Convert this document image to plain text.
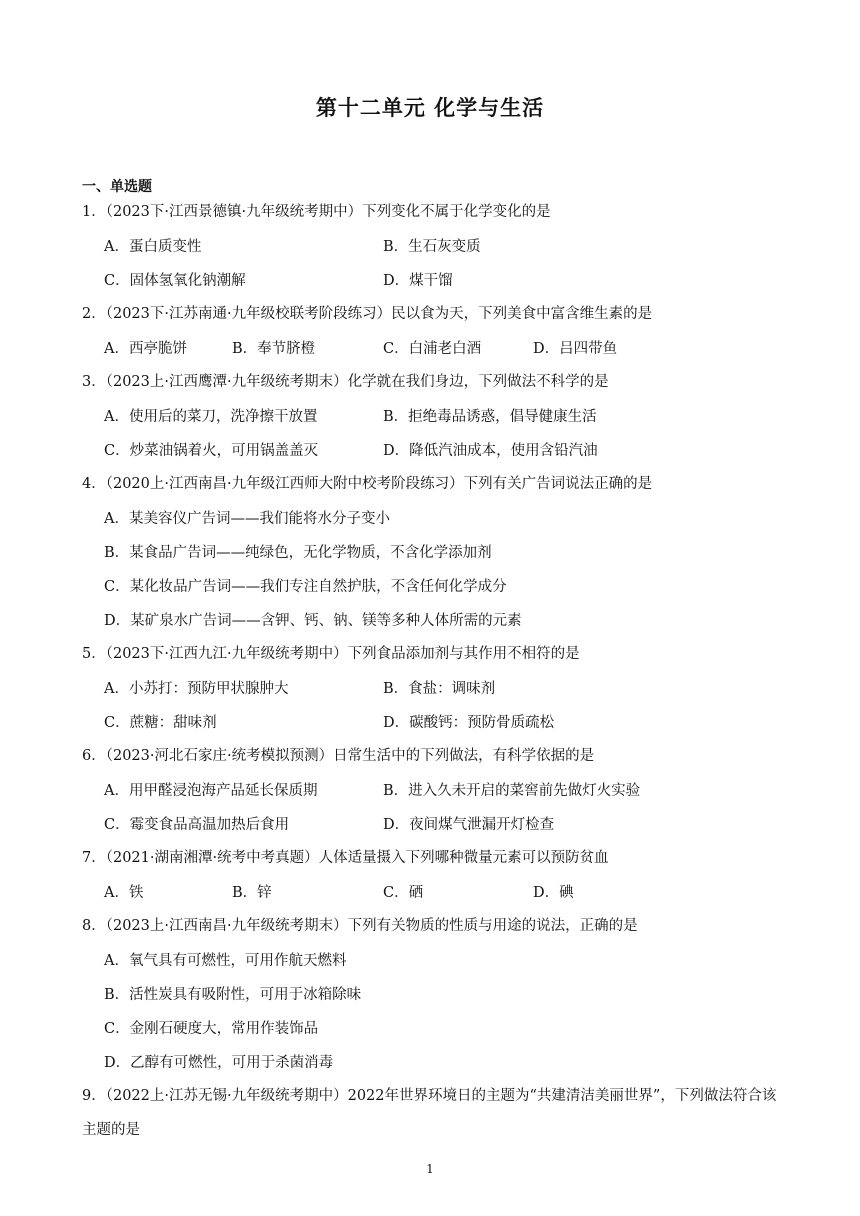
第十二单元 化学与生活
一、单选题
1．（2023下·江西景德镇·九年级统考期中）下列变化不属于化学变化的是
A．蛋白质变性	B．生石灰变质
C．固体氢氧化钠潮解	D．煤干馏
2．（2023下·江苏南通·九年级校联考阶段练习）民以食为天，下列美食中富含维生素的是
A．西亭脆饼	B．奉节脐橙	C．白浦老白酒	D．吕四带鱼
3．（2023上·江西鹰潭·九年级统考期末）化学就在我们身边，下列做法不科学的是
A．使用后的菜刀，洗净擦干放置	B．拒绝毒品诱惑，倡导健康生活
C．炒菜油锅着火，可用锅盖盖灭	D．降低汽油成本，使用含铅汽油
4．（2020上·江西南昌·九年级江西师大附中校考阶段练习）下列有关广告词说法正确的是
A．某美容仪广告词——我们能将水分子变小
B．某食品广告词——纯绿色，无化学物质，不含化学添加剂
C．某化妆品广告词——我们专注自然护肤，不含任何化学成分
D．某矿泉水广告词——含钾、钙、钠、镁等多种人体所需的元素
5．（2023下·江西九江·九年级统考期中）下列食品添加剂与其作用不相符的是
A．小苏打：预防甲状腺肿大	B．食盐：调味剂
C．蔗糖：甜味剂	D．碳酸钙：预防骨质疏松
6．（2023·河北石家庄·统考模拟预测）日常生活中的下列做法，有科学依据的是
A．用甲醛浸泡海产品延长保质期	B．进入久未开启的菜窖前先做灯火实验
C．霉变食品高温加热后食用	D．夜间煤气泄漏开灯检查
7．（2021·湖南湘潭·统考中考真题）人体适量摄入下列哪种微量元素可以预防贫血
A．铁	B．锌	C．硒	D．碘
8．（2023上·江西南昌·九年级统考期末）下列有关物质的性质与用途的说法，正确的是
A．氧气具有可燃性，可用作航天燃料
B．活性炭具有吸附性，可用于冰箱除味
C．金刚石硬度大，常用作装饰品
D．乙醇有可燃性，可用于杀菌消毒
9．（2022上·江苏无锡·九年级统考期中）2022年世界环境日的主题为“共建清洁美丽世界”，下列做法符合该主题的是
1
